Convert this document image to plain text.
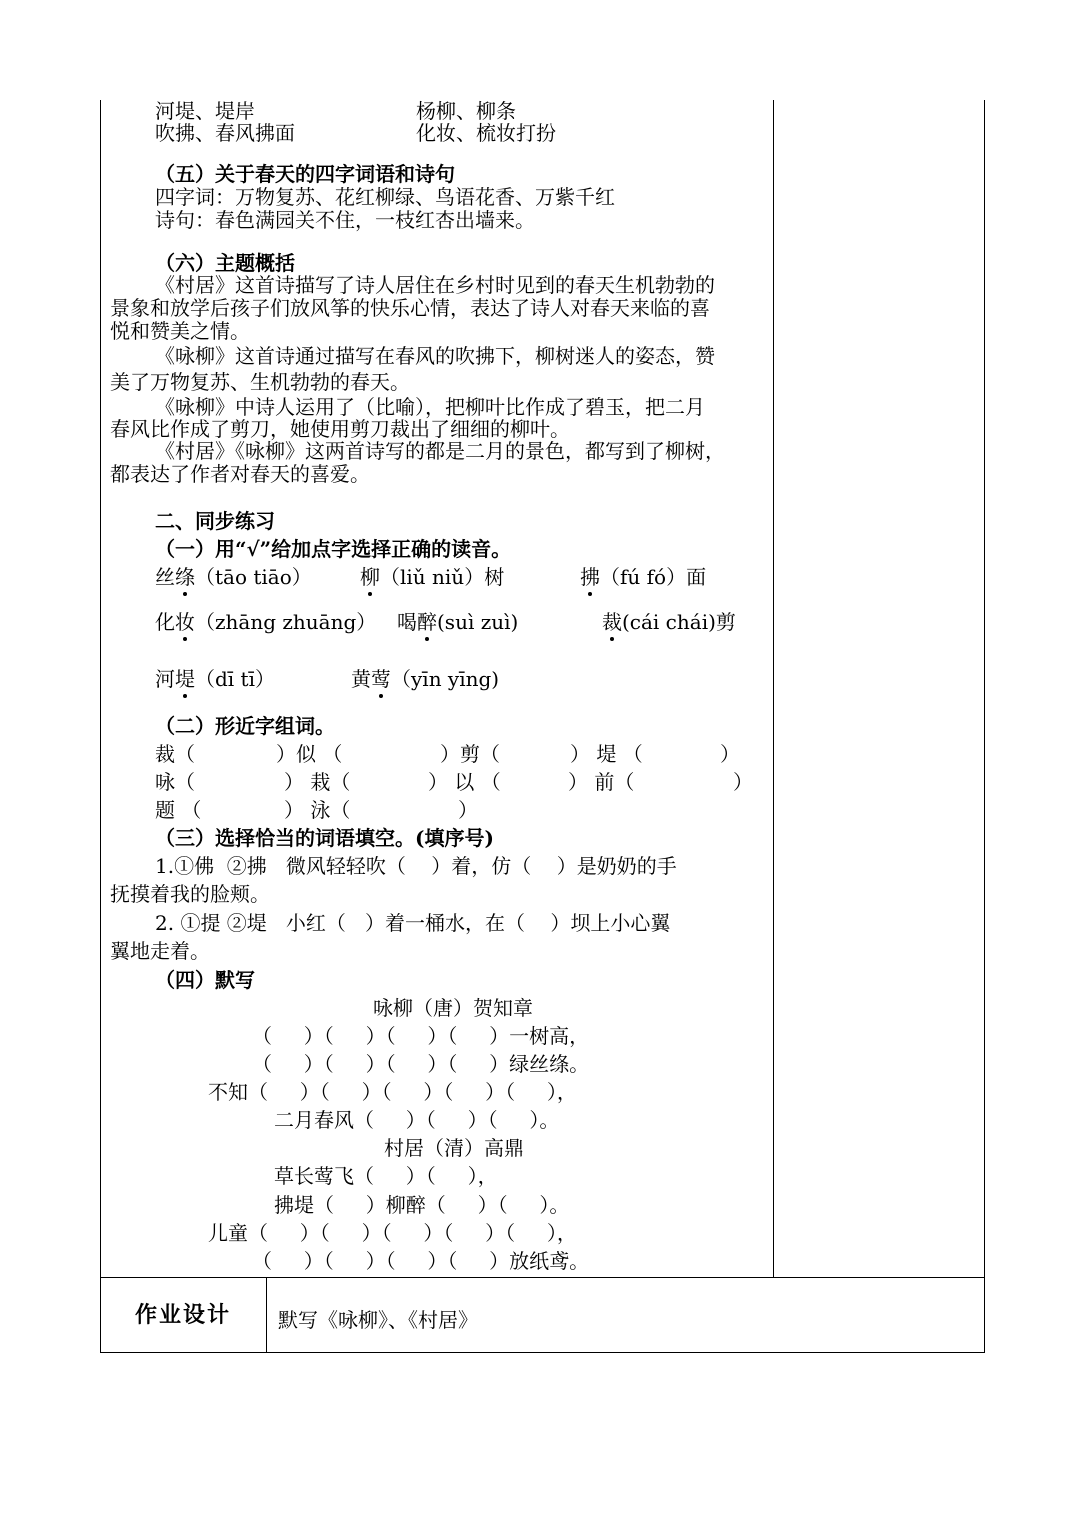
河堤、堤岸	杨柳、柳条
吹拂、春风拂面	化妆、梳妆打扮
（五）关于春天的四字词语和诗句
四字词：万物复苏、花红柳绿、鸟语花香、万紫千红
诗句：春色满园关不住，一枝红杏出墙来。
（六）主题概括
《村居》这首诗描写了诗人居住在乡村时见到的春天生机勃勃的
景象和放学后孩子们放风筝的快乐心情，表达了诗人对春天来临的喜
悦和赞美之情。
《咏柳》这首诗通过描写在春风的吹拂下，柳树迷人的姿态，赞
美了万物复苏、生机勃勃的春天。
《咏柳》中诗人运用了（比喻），把柳叶比作成了碧玉，把二月
春风比作成了剪刀，她使用剪刀裁出了细细的柳叶。
《村居》《咏柳》这两首诗写的都是二月的景色，都写到了柳树，
都表达了作者对春天的喜爱。
二、同步练习
（一）用“√”给加点字选择正确的读音。
丝绦（tāo tiāo） 柳（liǔ niǔ）树	拂（fú fó）面
化妆（zhāng zhuāng） 喝醉(suì zuì)	裁(cái chái)剪
河堤（dī tī）	黄莺（yīn yīng)
（二）形近字组词。
裁（	）似 （	）剪（	） 堤 （	）
咏（	） 栽（	） 以 （	） 前（	）
题 （	） 泳（	）
（三）选择恰当的词语填空。(填序号)
1.①佛  ②拂   微风轻轻吹（    ）着，仿（    ）是奶奶的手
抚摸着我的脸颊。
2. ①提 ②堤   小红（   ）着一桶水，在（    ）坝上小心翼
翼地走着。
（四）默写
咏柳（唐）贺知章
（     ）（     ）（     ）（     ）一树高，
（     ）（     ）（     ）（     ）绿丝绦。
不知（     ）（     ）（     ）（     ）（     ），
二月春风（     ）（     ）（     ）。
村居（清）高鼎
草长莺飞（     ）（     ），
拂堤（     ）柳醉（     ）（     ）。
儿童（     ）（     ）（     ）（     ）（     ），
（     ）（     ）（     ）（     ）放纸鸢。
作业设计	默写《咏柳》、《村居》
